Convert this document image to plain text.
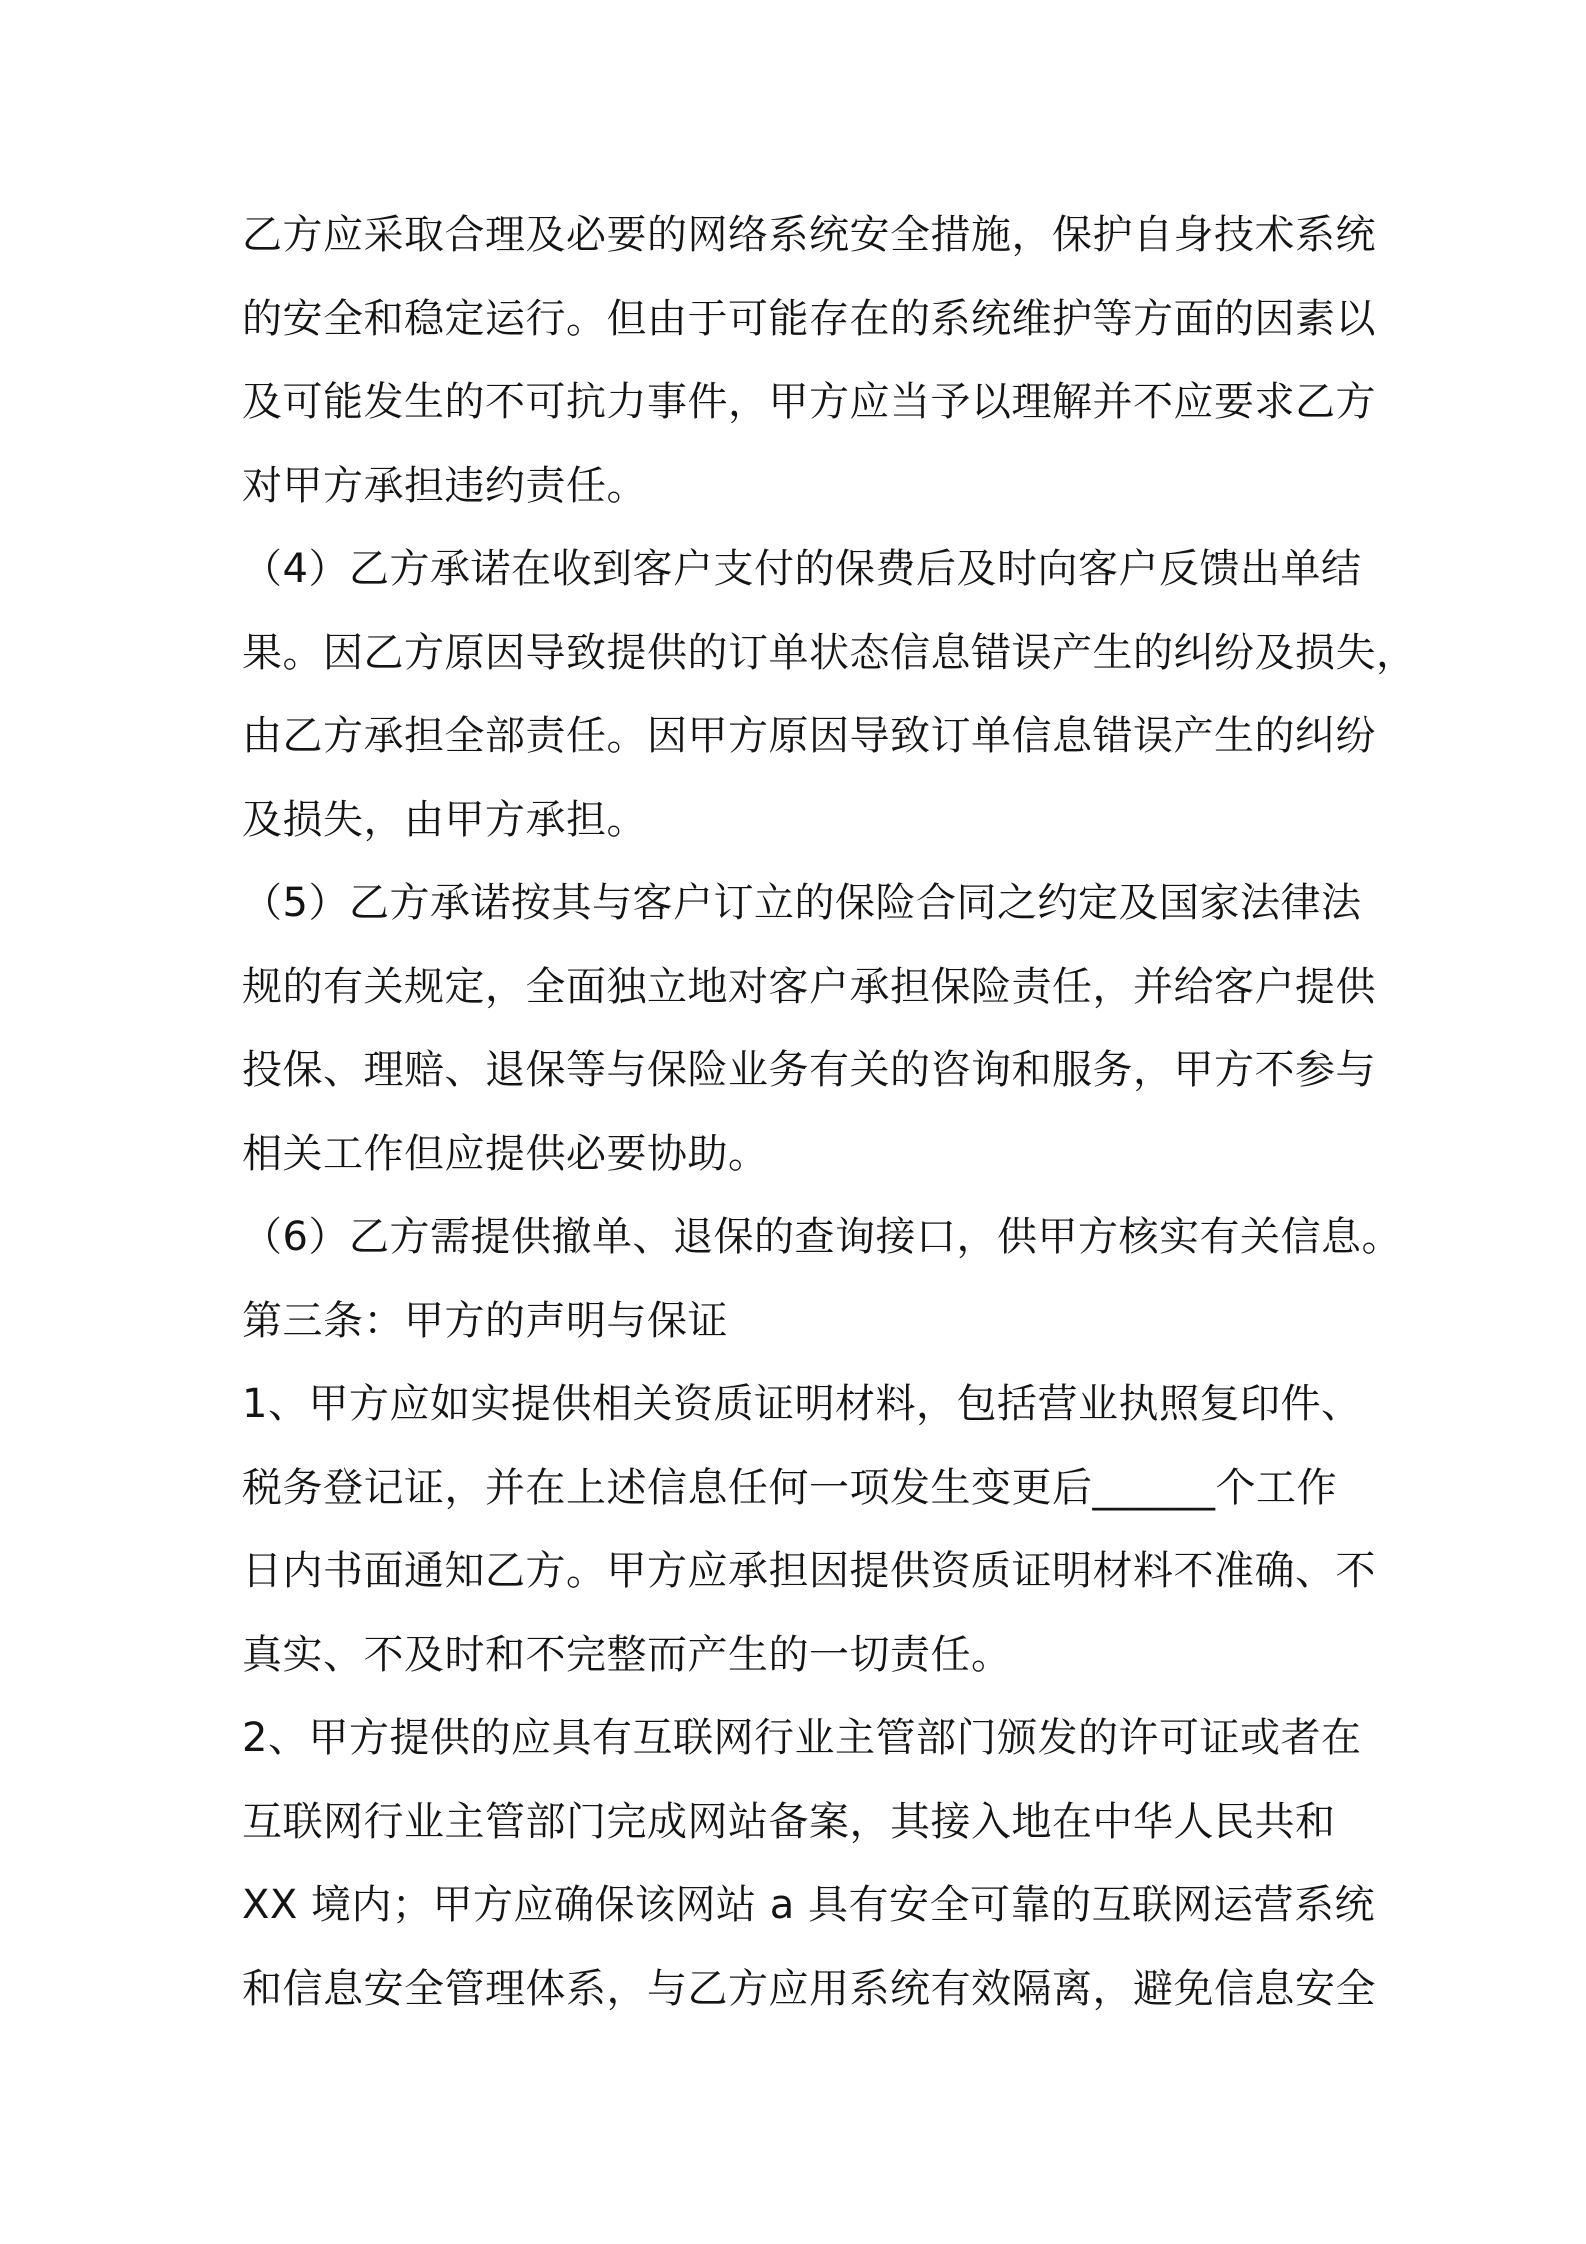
乙方应采取合理及必要的网络系统安全措施，保护自身技术系统
的安全和稳定运行。但由于可能存在的系统维护等方面的因素以
及可能发生的不可抗力事件，甲方应当予以理解并不应要求乙方
对甲方承担违约责任。
（4）乙方承诺在收到客户支付的保费后及时向客户反馈出单结
果。因乙方原因导致提供的订单状态信息错误产生的纠纷及损失，
由乙方承担全部责任。因甲方原因导致订单信息错误产生的纠纷
及损失，由甲方承担。
（5）乙方承诺按其与客户订立的保险合同之约定及国家法律法
规的有关规定，全面独立地对客户承担保险责任，并给客户提供
投保、理赔、退保等与保险业务有关的咨询和服务，甲方不参与
相关工作但应提供必要协助。
（6）乙方需提供撤单、退保的查询接口，供甲方核实有关信息。
第三条：甲方的声明与保证
1、甲方应如实提供相关资质证明材料，包括营业执照复印件、
税务登记证，并在上述信息任何一项发生变更后______个工作
日内书面通知乙方。甲方应承担因提供资质证明材料不准确、不
真实、不及时和不完整而产生的一切责任。
2、甲方提供的应具有互联网行业主管部门颁发的许可证或者在
互联网行业主管部门完成网站备案，其接入地在中华人民共和
XX 境内；甲方应确保该网站 a 具有安全可靠的互联网运营系统
和信息安全管理体系，与乙方应用系统有效隔离，避免信息安全
